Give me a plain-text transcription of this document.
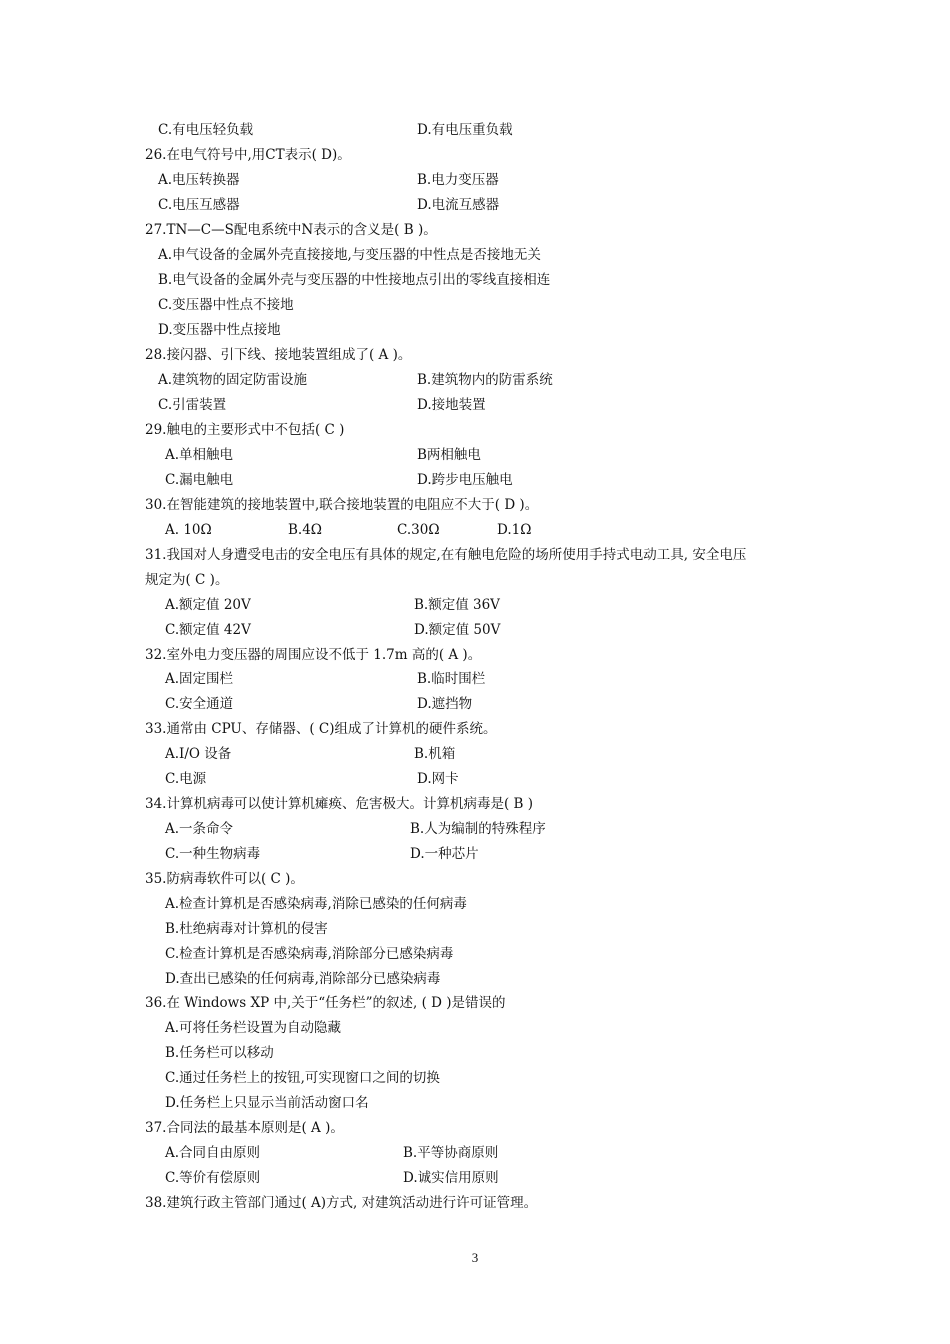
C.有电压轻负载	D.有电压重负载
26.在电气符号中,用CT表示( D)。
A.电压转换器	B.电力变压器
C.电压互感器	D.电流互感器
27.TN—C—S配电系统中N表示的含义是( B )。
A.申气设备的金属外壳直接接地,与变压器的中性点是否接地无关
B.电气设备的金属外壳与变压器的中性接地点引出的零线直接相连
C.变压器中性点不接地
D.变压器中性点接地
28.接闪器、引下线、接地装置组成了( A )。
A.建筑物的固定防雷设施	B.建筑物内的防雷系统
C.引雷装置	D.接地装置
29.触电的主要形式中不包括( C )
A.单相触电	B两相触电
C.漏电触电	D.跨步电压触电
30.在智能建筑的接地装置中,联合接地装置的电阻应不大于( D )。
A. 10Ω	B.4Ω	C.30Ω	D.1Ω
31.我国对人身遭受电击的安全电压有具体的规定,在有触电危险的场所使用手持式电动工具, 安全电压
规定为( C )。
A.额定值 20V	B.额定值 36V
C.额定值 42V	D.额定值 50V
32.室外电力变压器的周围应设不低于 1.7m 高的( A )。
A.固定围栏	B.临时围栏
C.安全通道	D.遮挡物
33.通常由 CPU、存储器、( C)组成了计算机的硬件系统。
A.I/O 设备	B.机箱
C.电源	D.网卡
34.计算机病毒可以使计算机瘫痪、危害极大。计算机病毒是( B )
A.一条命令	B.人为编制的特殊程序
C.一种生物病毒	D.一种芯片
35.防病毒软件可以( C )。
A.检查计算机是否感染病毒,消除已感染的任何病毒
B.杜绝病毒对计算机的侵害
C.检查计算机是否感染病毒,消除部分已感染病毒
D.查出已感染的任何病毒,消除部分已感染病毒
36.在 Windows XP 中,关于“任务栏”的叙述, ( D )是错误的
A.可将任务栏设置为自动隐藏
B.任务栏可以移动
C.通过任务栏上的按钮,可实现窗口之间的切换
D.任务栏上只显示当前活动窗口名
37.合同法的最基本原则是( A )。
A.合同自由原则	B.平等协商原则
C.等价有偿原则	D.诚实信用原则
38.建筑行政主管部门通过( A)方式, 对建筑活动进行许可证管理。
3
